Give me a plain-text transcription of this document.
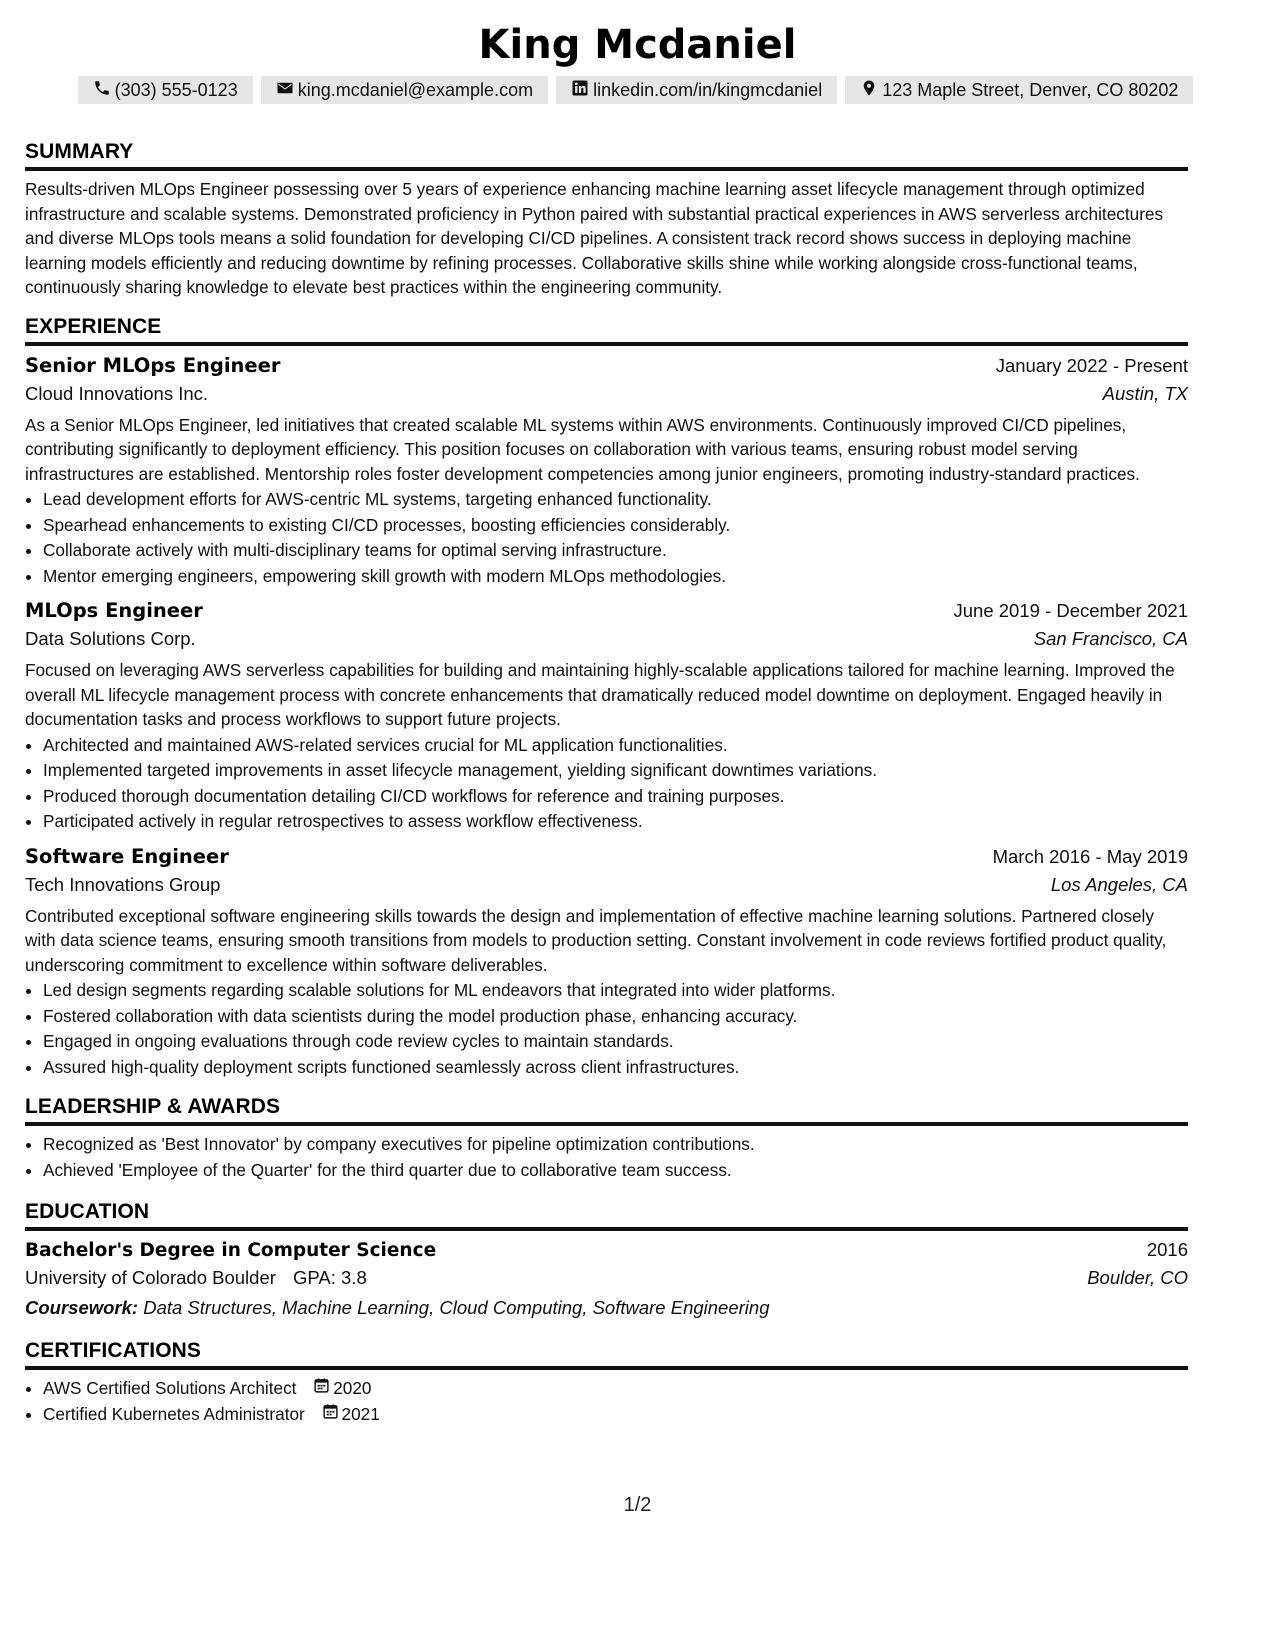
King Mcdaniel
(303) 555-0123	king.mcdaniel@example.com	linkedin.com/in/kingmcdaniel	123 Maple Street, Denver, CO 80202
SUMMARY

Results-driven MLOps Engineer possessing over 5 years of experience enhancing machine learning asset lifecycle management through optimized infrastructure and scalable systems. Demonstrated proficiency in Python paired with substantial practical experiences in AWS serverless architectures and diverse MLOps tools means a solid foundation for developing CI/CD pipelines. A consistent track record shows success in deploying machine learning models efficiently and reducing downtime by refining processes. Collaborative skills shine while working alongside cross-functional teams, continuously sharing knowledge to elevate best practices within the engineering community.

EXPERIENCE
Senior MLOps Engineer	January 2022 - Present
Cloud Innovations Inc.	Austin, TX

As a Senior MLOps Engineer, led initiatives that created scalable ML systems within AWS environments. Continuously improved CI/CD pipelines, contributing significantly to deployment efficiency. This position focuses on collaboration with various teams, ensuring robust model serving infrastructures are established. Mentorship roles foster development competencies among junior engineers, promoting industry-standard practices.

• Lead development efforts for AWS-centric ML systems, targeting enhanced functionality.
• Spearhead enhancements to existing CI/CD processes, boosting efficiencies considerably.
• Collaborate actively with multi-disciplinary teams for optimal serving infrastructure.
• Mentor emerging engineers, empowering skill growth with modern MLOps methodologies.
MLOps Engineer	June 2019 - December 2021
Data Solutions Corp.	San Francisco, CA

Focused on leveraging AWS serverless capabilities for building and maintaining highly-scalable applications tailored for machine learning. Improved the overall ML lifecycle management process with concrete enhancements that dramatically reduced model downtime on deployment. Engaged heavily in documentation tasks and process workflows to support future projects.

• Architected and maintained AWS-related services crucial for ML application functionalities.
• Implemented targeted improvements in asset lifecycle management, yielding significant downtimes variations.
• Produced thorough documentation detailing CI/CD workflows for reference and training purposes.
• Participated actively in regular retrospectives to assess workflow effectiveness.
Software Engineer	March 2016 - May 2019
Tech Innovations Group	Los Angeles, CA

Contributed exceptional software engineering skills towards the design and implementation of effective machine learning solutions. Partnered closely with data science teams, ensuring smooth transitions from models to production setting. Constant involvement in code reviews fortified product quality, underscoring commitment to excellence within software deliverables.

• Led design segments regarding scalable solutions for ML endeavors that integrated into wider platforms.
• Fostered collaboration with data scientists during the model production phase, enhancing accuracy.
• Engaged in ongoing evaluations through code review cycles to maintain standards.
• Assured high-quality deployment scripts functioned seamlessly across client infrastructures.
LEADERSHIP & AWARDS
• Recognized as 'Best Innovator' by company executives for pipeline optimization contributions.
• Achieved 'Employee of the Quarter' for the third quarter due to collaborative team success.
EDUCATION
Bachelor's Degree in Computer Science	2016
University of Colorado Boulder GPA: 3.8	Boulder, CO
Coursework: Data Structures, Machine Learning, Cloud Computing, Software Engineering
CERTIFICATIONS
• AWS Certified Solutions Architect 2020
• Certified Kubernetes Administrator 2021
1/2
